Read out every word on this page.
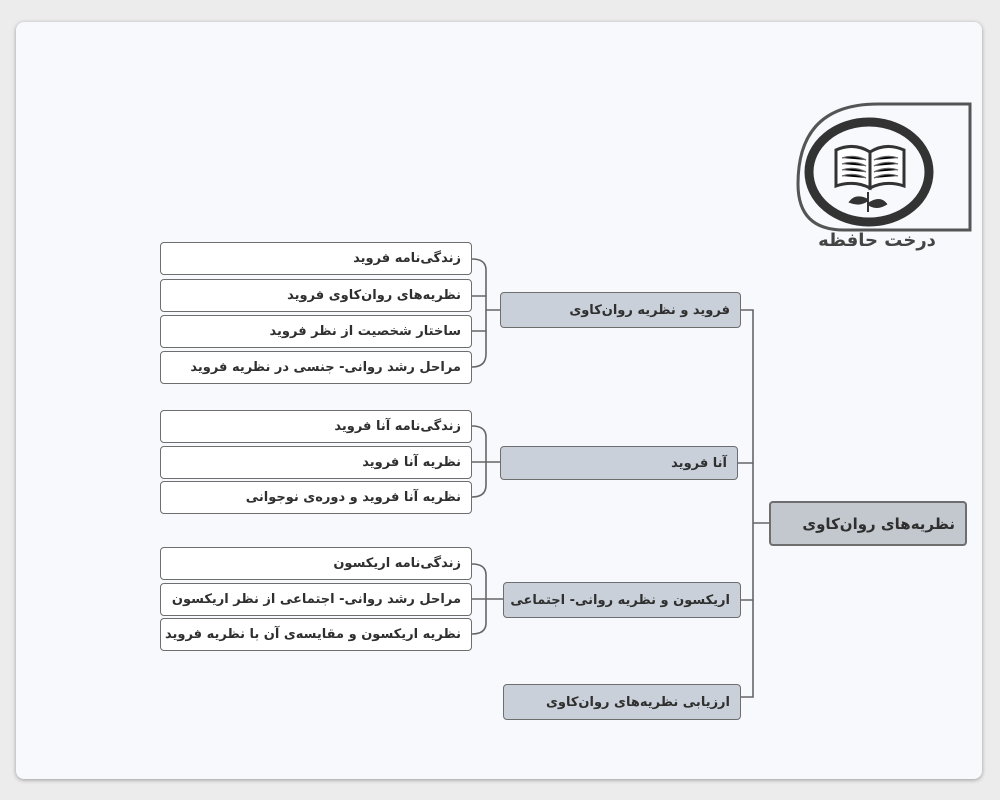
درخت حافظه
نظریه‌های روان‌کاوی
فروید و نظریه روان‌کاوی
آنا فروید
اریکسون و نظریه روانی- اجتماعی
ارزیابی نظریه‌های روان‌کاوی
زندگی‌نامه فروید
نظریه‌های روان‌کاوی فروید
ساختار شخصیت از نظر فروید
مراحل رشد روانی- جنسی در نظریه فروید
زندگی‌نامه آنا فروید
نظریه آنا فروید
نظریه آنا فروید و دوره‌ی نوجوانی
زندگی‌نامه اریکسون
مراحل رشد روانی- اجتماعی از نظر اریکسون
نظریه اریکسون و مقایسه‌ی آن با نظریه فروید
